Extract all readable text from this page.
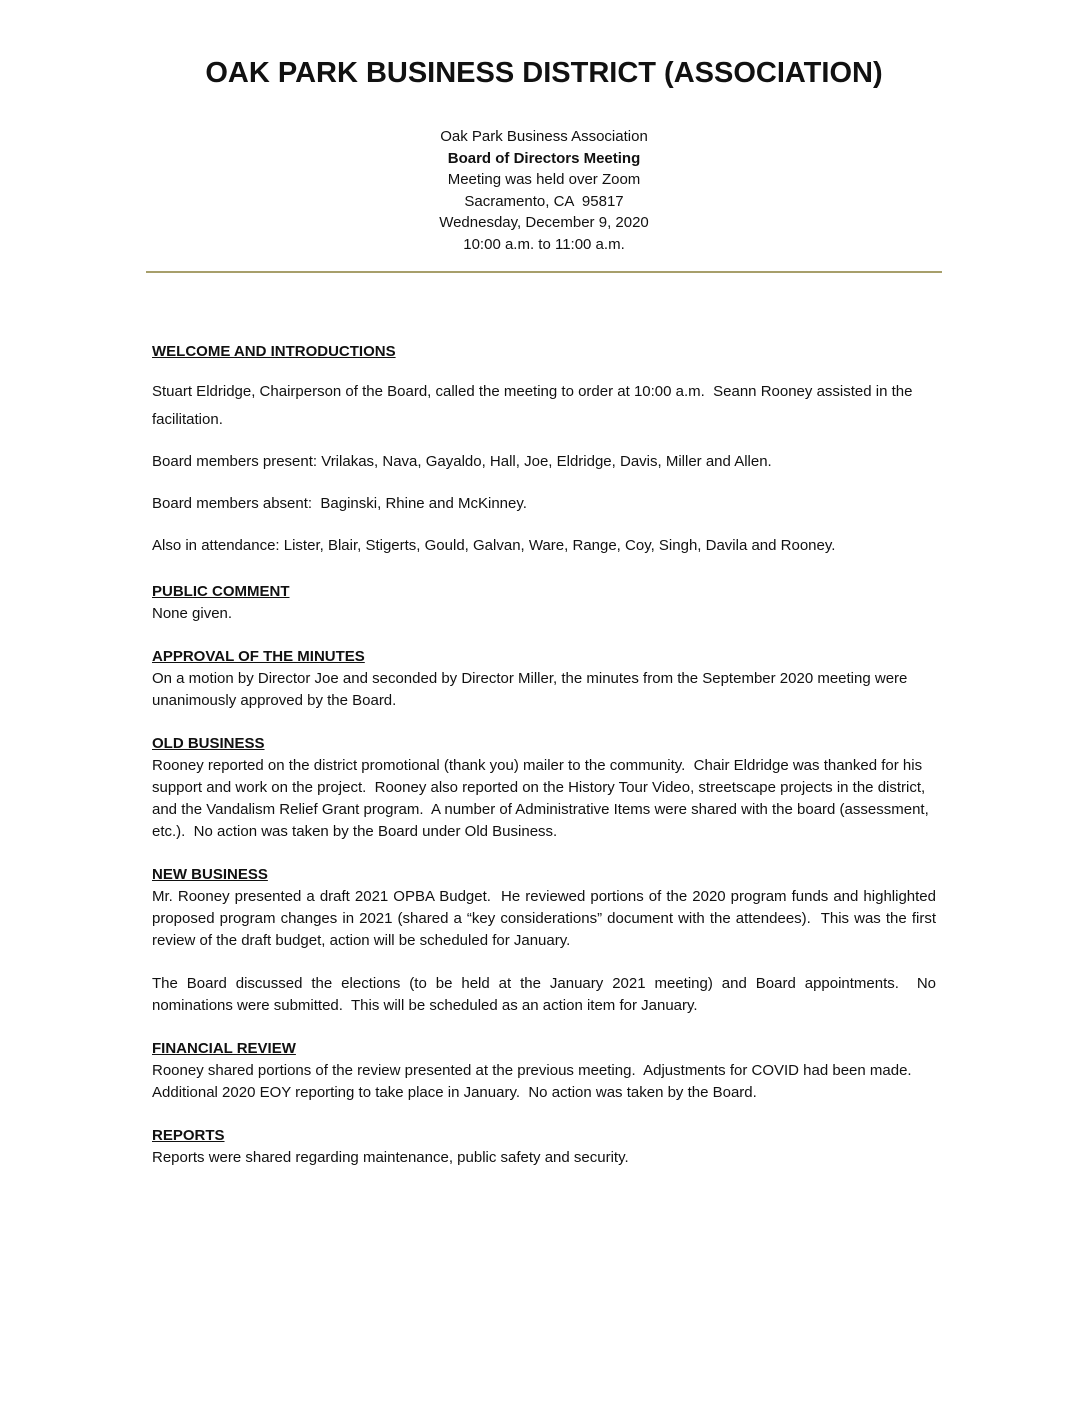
OAK PARK BUSINESS DISTRICT (ASSOCIATION)
Oak Park Business Association
Board of Directors Meeting
Meeting was held over Zoom
Sacramento, CA  95817
Wednesday, December 9, 2020
10:00 a.m. to 11:00 a.m.
WELCOME AND INTRODUCTIONS

Stuart Eldridge, Chairperson of the Board, called the meeting to order at 10:00 a.m.  Seann Rooney assisted in the facilitation.

Board members present: Vrilakas, Nava, Gayaldo, Hall, Joe, Eldridge, Davis, Miller and Allen.

Board members absent:  Baginski, Rhine and McKinney.

Also in attendance: Lister, Blair, Stigerts, Gould, Galvan, Ware, Range, Coy, Singh, Davila and Rooney.

PUBLIC COMMENT

None given.

APPROVAL OF THE MINUTES

On a motion by Director Joe and seconded by Director Miller, the minutes from the September 2020 meeting were unanimously approved by the Board.

OLD BUSINESS

Rooney reported on the district promotional (thank you) mailer to the community.  Chair Eldridge was thanked for his support and work on the project.  Rooney also reported on the History Tour Video, streetscape projects in the district, and the Vandalism Relief Grant program.  A number of Administrative Items were shared with the board (assessment, etc.).  No action was taken by the Board under Old Business.

NEW BUSINESS

Mr. Rooney presented a draft 2021 OPBA Budget.  He reviewed portions of the 2020 program funds and highlighted proposed program changes in 2021 (shared a “key considerations” document with the attendees).  This was the first review of the draft budget, action will be scheduled for January.

The Board discussed the elections (to be held at the January 2021 meeting) and Board appointments.  No nominations were submitted.  This will be scheduled as an action item for January.

FINANCIAL REVIEW

Rooney shared portions of the review presented at the previous meeting.  Adjustments for COVID had been made.  Additional 2020 EOY reporting to take place in January.  No action was taken by the Board.

REPORTS

Reports were shared regarding maintenance, public safety and security.
